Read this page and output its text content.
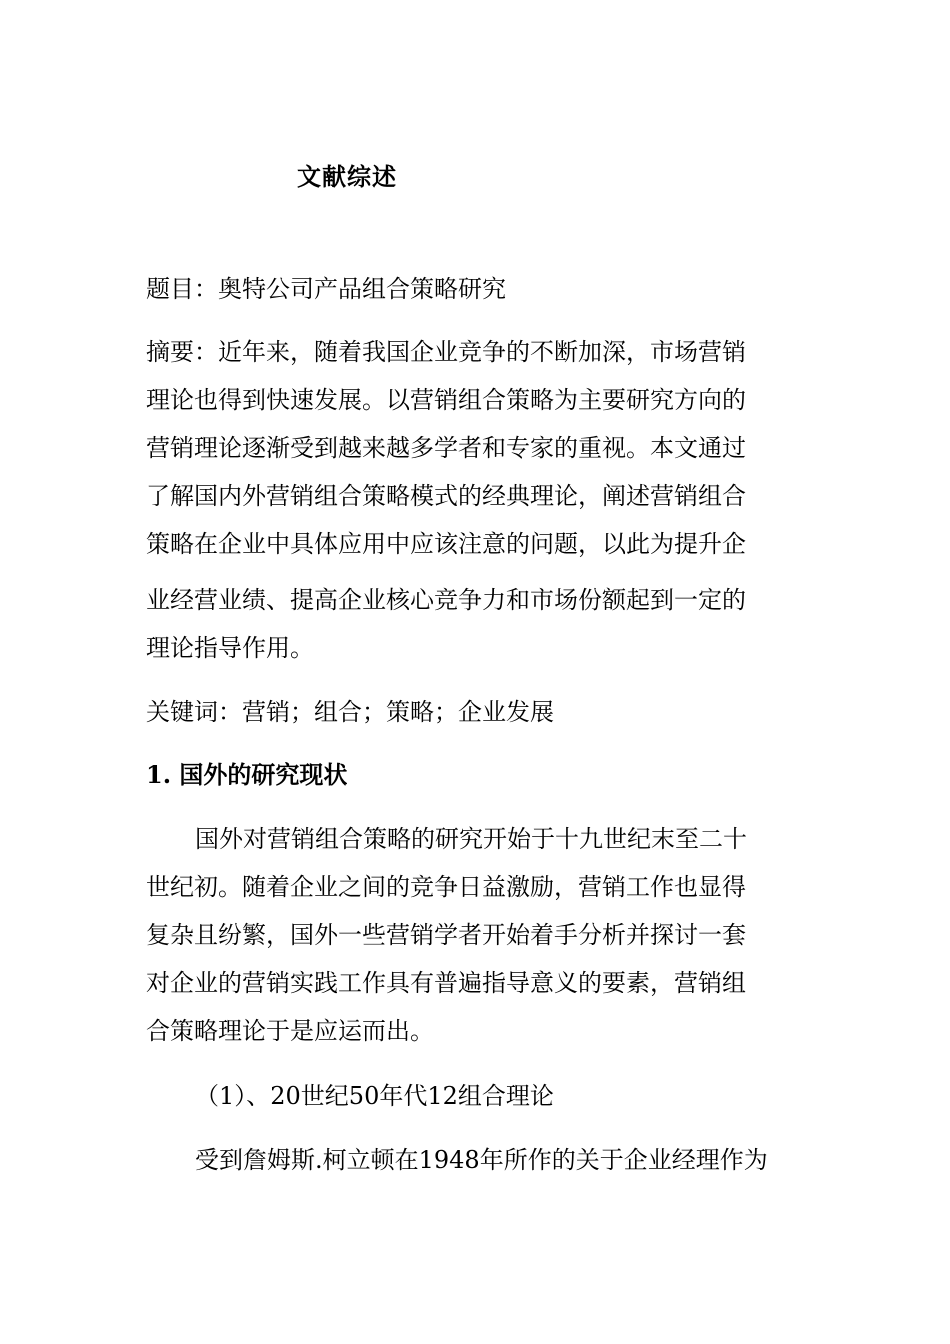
文献综述
题目：奥特公司产品组合策略研究
摘要：近年来，随着我国企业竞争的不断加深，市场营销
理论也得到快速发展。以营销组合策略为主要研究方向的
营销理论逐渐受到越来越多学者和专家的重视。本文通过
了解国内外营销组合策略模式的经典理论，阐述营销组合
策略在企业中具体应用中应该注意的问题，以此为提升企
业经营业绩、提高企业核心竞争力和市场份额起到一定的
理论指导作用。
关键词：营销；组合；策略；企业发展
1. 国外的研究现状
国外对营销组合策略的研究开始于十九世纪末至二十
世纪初。随着企业之间的竞争日益激励，营销工作也显得
复杂且纷繁，国外一些营销学者开始着手分析并探讨一套
对企业的营销实践工作具有普遍指导意义的要素，营销组
合策略理论于是应运而出。
（1）、20世纪50年代12组合理论
受到詹姆斯.柯立顿在1948年所作的关于企业经理作为
